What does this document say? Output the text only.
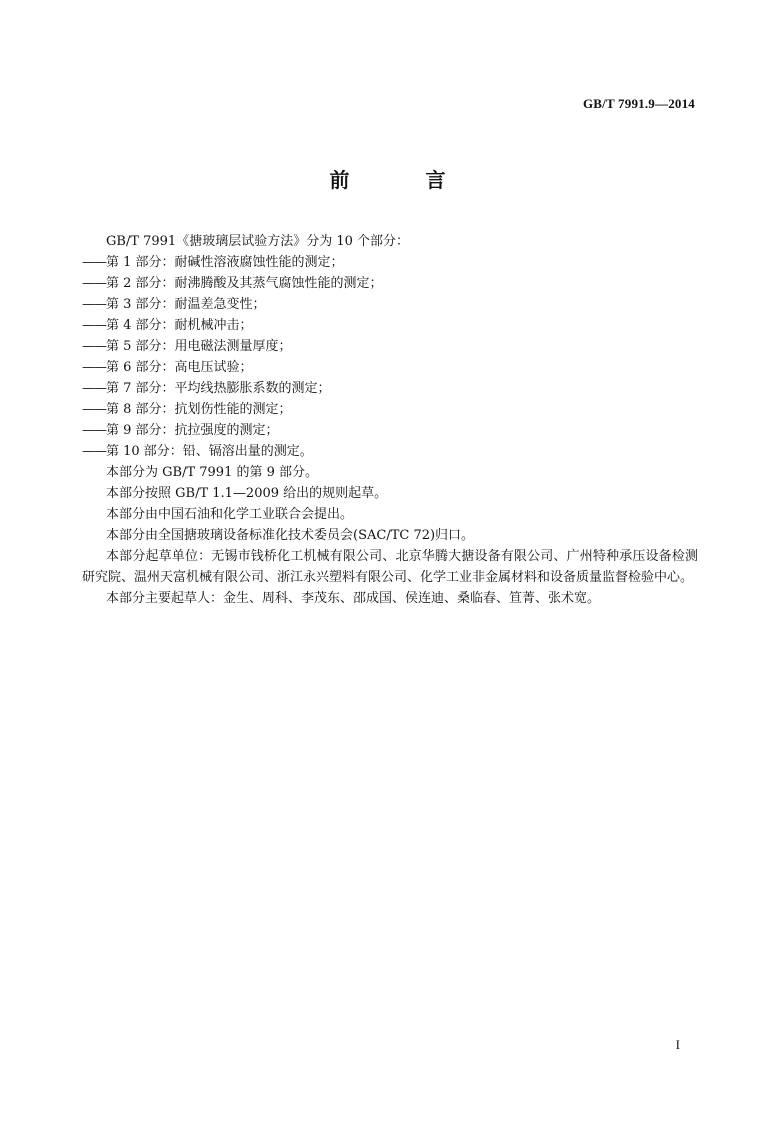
GB/T 7991.9—2014
前　言

GB/T 7991《搪玻璃层试验方法》分为 10 个部分：

——第 1 部分：耐碱性溶液腐蚀性能的测定；
——第 2 部分：耐沸腾酸及其蒸气腐蚀性能的测定；
——第 3 部分：耐温差急变性；
——第 4 部分：耐机械冲击；
——第 5 部分：用电磁法测量厚度；
——第 6 部分：高电压试验；
——第 7 部分：平均线热膨胀系数的测定；
——第 8 部分：抗划伤性能的测定；
——第 9 部分：抗拉强度的测定；
——第 10 部分：铅、镉溶出量的测定。

本部分为 GB/T 7991 的第 9 部分。

本部分按照 GB/T 1.1—2009 给出的规则起草。

本部分由中国石油和化学工业联合会提出。

本部分由全国搪玻璃设备标准化技术委员会(SAC/TC 72)归口。

本部分起草单位：无锡市钱桥化工机械有限公司、北京华腾大搪设备有限公司、广州特种承压设备检测研究院、温州天富机械有限公司、浙江永兴塑料有限公司、化学工业非金属材料和设备质量监督检验中心。

本部分主要起草人：金生、周科、李茂东、邵成国、侯连迪、桑临春、笪菁、张术宽。

I
